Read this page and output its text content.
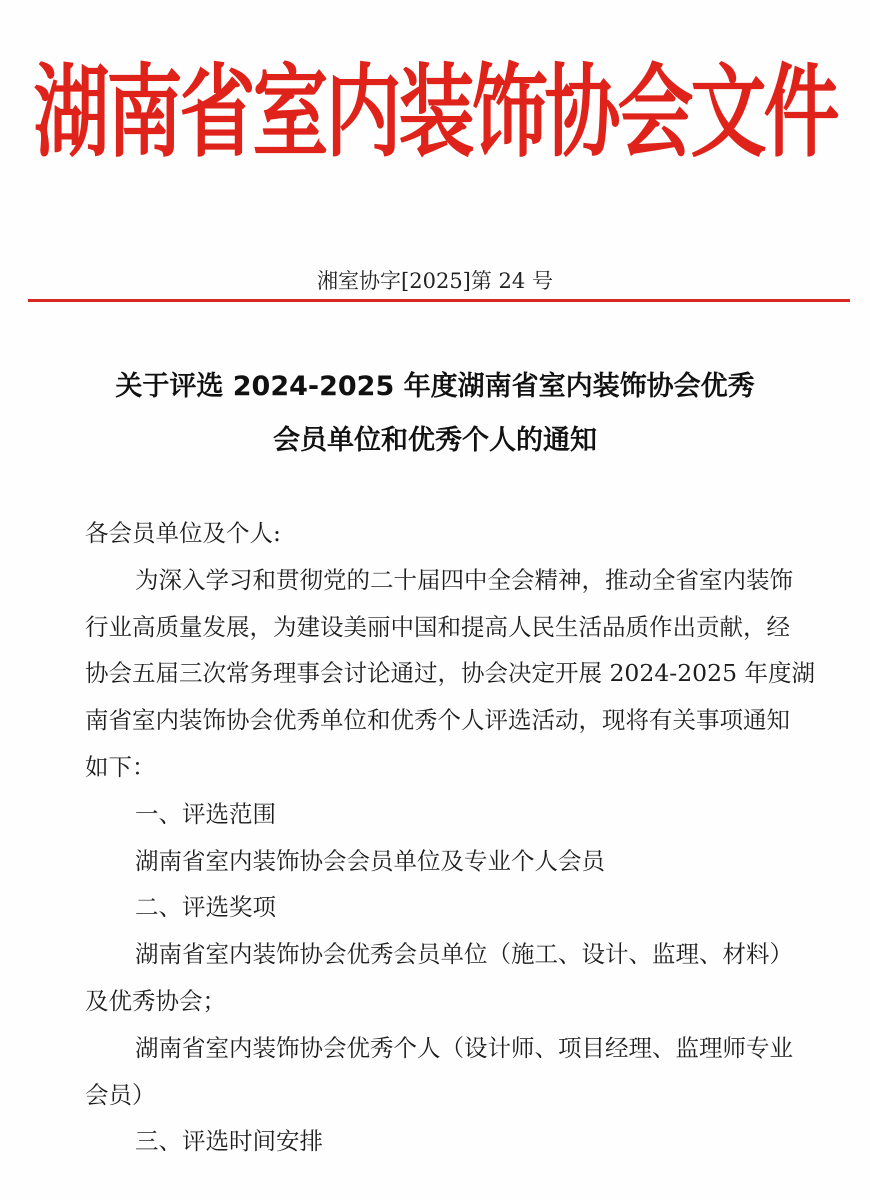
湖南省室内装饰协会文件
湘室协字[2025]第 24 号
关于评选 2024-2025 年度湖南省室内装饰协会优秀
会员单位和优秀个人的通知
各会员单位及个人:
为深入学习和贯彻党的二十届四中全会精神，推动全省室内装饰
行业高质量发展，为建设美丽中国和提高人民生活品质作出贡献，经
协会五届三次常务理事会讨论通过，协会决定开展 2024-2025 年度湖
南省室内装饰协会优秀单位和优秀个人评选活动，现将有关事项通知
如下：
一、评选范围
湖南省室内装饰协会会员单位及专业个人会员
二、评选奖项
湖南省室内装饰协会优秀会员单位（施工、设计、监理、材料）
及优秀协会；
湖南省室内装饰协会优秀个人（设计师、项目经理、监理师专业
会员）
三、评选时间安排
